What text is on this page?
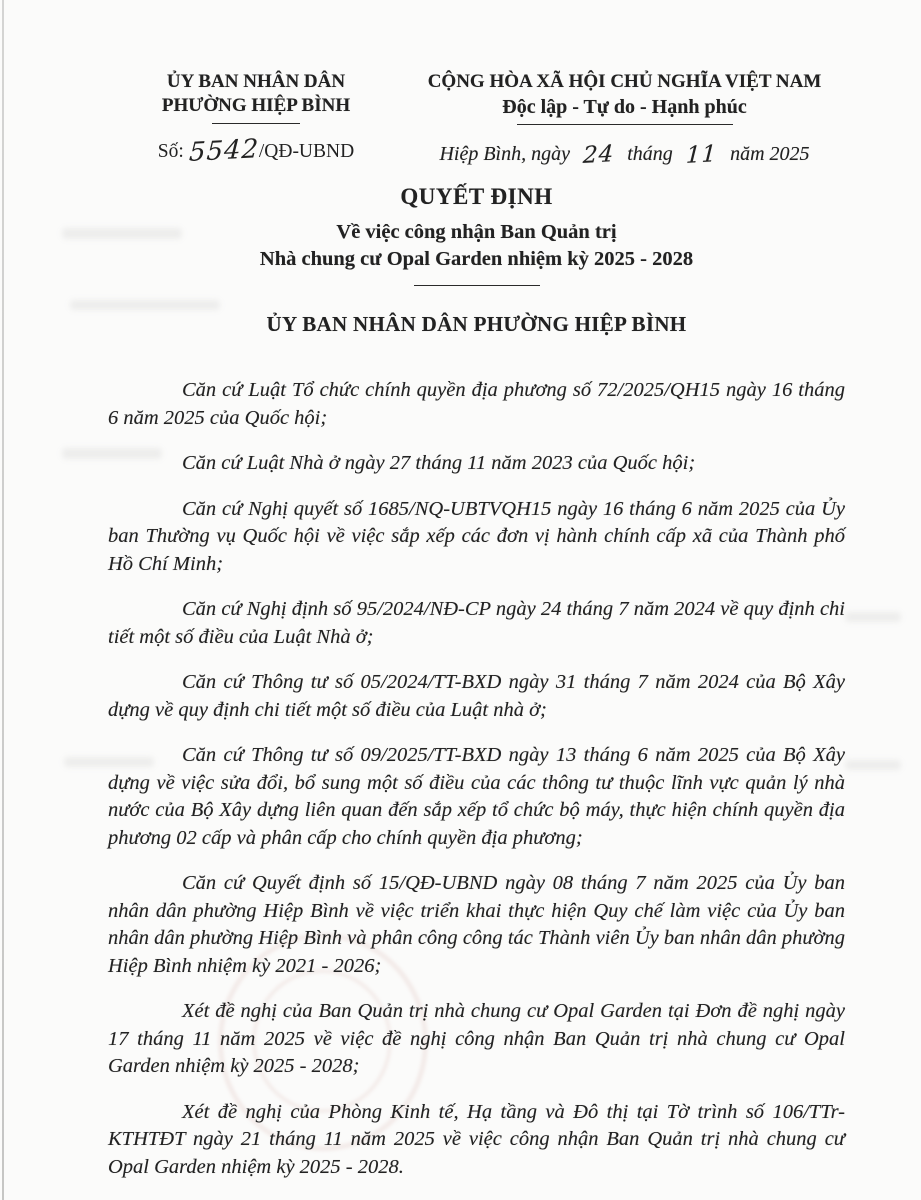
ỦY BAN NHÂN DÂN
PHƯỜNG HIỆP BÌNH
Số: 5542/QĐ-UBND
CỘNG HÒA XÃ HỘI CHỦ NGHĨA VIỆT NAM
Độc lập - Tự do - Hạnh phúc
Hiệp Bình, ngày 24 tháng 11 năm 2025
QUYẾT ĐỊNH
Về việc công nhận Ban Quản trị
Nhà chung cư Opal Garden nhiệm kỳ 2025 - 2028
ỦY BAN NHÂN DÂN PHƯỜNG HIỆP BÌNH

Căn cứ Luật Tổ chức chính quyền địa phương số 72/2025/QH15 ngày 16 tháng 6 năm 2025 của Quốc hội;

Căn cứ Luật Nhà ở ngày 27 tháng 11 năm 2023 của Quốc hội;

Căn cứ Nghị quyết số 1685/NQ-UBTVQH15 ngày 16 tháng 6 năm 2025 của Ủy ban Thường vụ Quốc hội về việc sắp xếp các đơn vị hành chính cấp xã của Thành phố Hồ Chí Minh;

Căn cứ Nghị định số 95/2024/NĐ-CP ngày 24 tháng 7 năm 2024 về quy định chi tiết một số điều của Luật Nhà ở;

Căn cứ Thông tư số 05/2024/TT-BXD ngày 31 tháng 7 năm 2024 của Bộ Xây dựng về quy định chi tiết một số điều của Luật nhà ở;

Căn cứ Thông tư số 09/2025/TT-BXD ngày 13 tháng 6 năm 2025 của Bộ Xây dựng về việc sửa đổi, bổ sung một số điều của các thông tư thuộc lĩnh vực quản lý nhà nước của Bộ Xây dựng liên quan đến sắp xếp tổ chức bộ máy, thực hiện chính quyền địa phương 02 cấp và phân cấp cho chính quyền địa phương;

Căn cứ Quyết định số 15/QĐ-UBND ngày 08 tháng 7 năm 2025 của Ủy ban nhân dân phường Hiệp Bình về việc triển khai thực hiện Quy chế làm việc của Ủy ban nhân dân phường Hiệp Bình và phân công công tác Thành viên Ủy ban nhân dân phường Hiệp Bình nhiệm kỳ 2021 - 2026;

Xét đề nghị của Ban Quản trị nhà chung cư Opal Garden tại Đơn đề nghị ngày 17 tháng 11 năm 2025 về việc đề nghị công nhận Ban Quản trị nhà chung cư Opal Garden nhiệm kỳ 2025 - 2028;

Xét đề nghị của Phòng Kinh tế, Hạ tầng và Đô thị tại Tờ trình số 106/TTr-KTHTĐT ngày 21 tháng 11 năm 2025 về việc công nhận Ban Quản trị nhà chung cư Opal Garden nhiệm kỳ 2025 - 2028.
